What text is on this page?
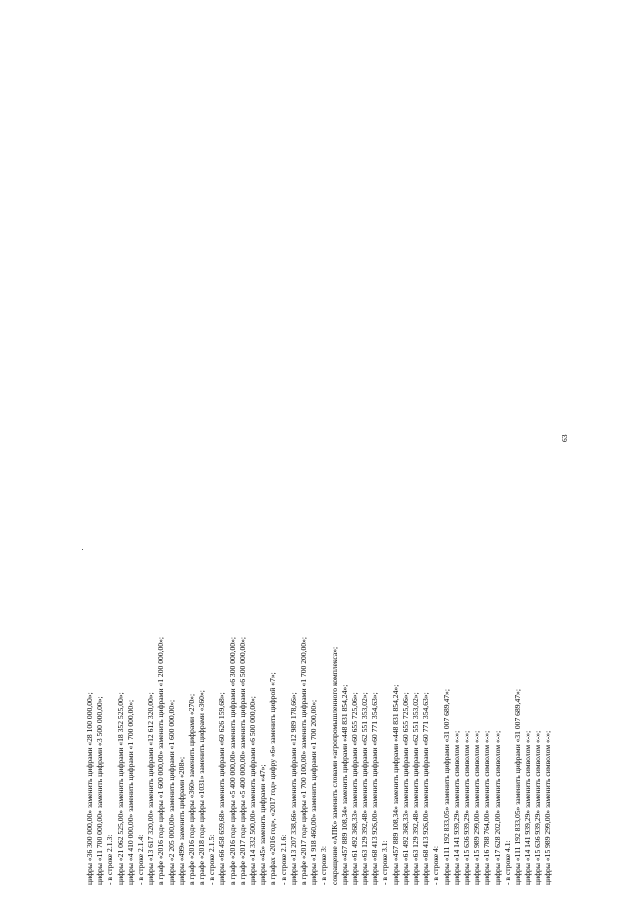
63

цифры «36 300 000,00» заменить цифрами «28 100 000,00»; цифры «11 700 000,00» заменить цифрами «3 500 000,00»; - в строке 2.1.3: цифры «21 062 525,00» заменить цифрами «18 352 525,00»; цифры «4 410 000,00» заменить цифрами «1 700 000,00»; - в строке 2.1.4: цифры «13 617 320,00» заменить цифрами «12 612 320,00»; в графе «2016 год» цифры «1 600 000,00» заменить цифрами «1 200 000,00»; цифры «2 205 000,00» заменить цифрами «1 600 000,00»; цифры «499» заменить цифрами «208»; в графе «2016 год» цифры «360» заменить цифрами «270»; в графе «2018 год» цифры «1031» заменить цифрами «360»; - в строке 2.1.5: цифры «66 458 659,68» заменить цифрами «60 626 159,68»; в графе «2016 год» цифры «5 400 000,00» заменить цифрами «6 300 000,00»; в графе «2017 год» цифры «5 400 000,00» заменить цифрами «6 500 000,00»; цифры «14 332 500,00» заменить цифрами «6 500 000,00»; цифры «45» заменить цифрами «47»; в графах «2016 год», «2017 год» цифру «6» заменить цифрой «7»; - в строке 2.1.6: цифры «13 207 338,66» заменить цифрами «12 989 178,66»; в графе «2017 год» цифры «1 700 100,00» заменить цифрами «1 700 200,00»; цифры «1 918 460,00» заменить цифрами «1 700 200,00»; - в строке 3: сокращение «АПК» заменить словами «агропромышленного комплекса»; цифры «457 889 108,34» заменить цифрами «448 831 854,24»; цифры «61 492 368,33» заменить цифрами «60 655 725,06»; цифры «63 129 392,48» заменить цифрами «62 551 353,02»; цифры «68 413 926,00» заменить цифрами «60 771 354,63»; - в строке 3.1: цифры «457 889 108,34» заменить цифрами «448 831 854,24»; цифры «61 492 368,33» заменить цифрами «60 655 725,06»; цифры «63 129 392,48» заменить цифрами «62 551 353,02»; цифры «68 413 926,00» заменить цифрами «60 771 354,63»; - в строке 4: цифры «111 192 833,05» заменить цифрами «31 007 689,47»; цифры «14 141 939,29» заменить символом «-»; цифры «15 636 939,29» заменить символом «-»; цифры «15 989 299,00» заменить символом «-»; цифры «16 788 764,00» заменить символом «-»; цифры «17 628 202,00» заменить символом «-»; - в строке 4.1: цифры «111 192 833,05» заменить цифрами «31 007 689,47»; цифры «14 141 939,29» заменить символом «-»; цифры «15 636 939,29» заменить символом «-»; цифры «15 989 299,00» заменить символом «-»;
